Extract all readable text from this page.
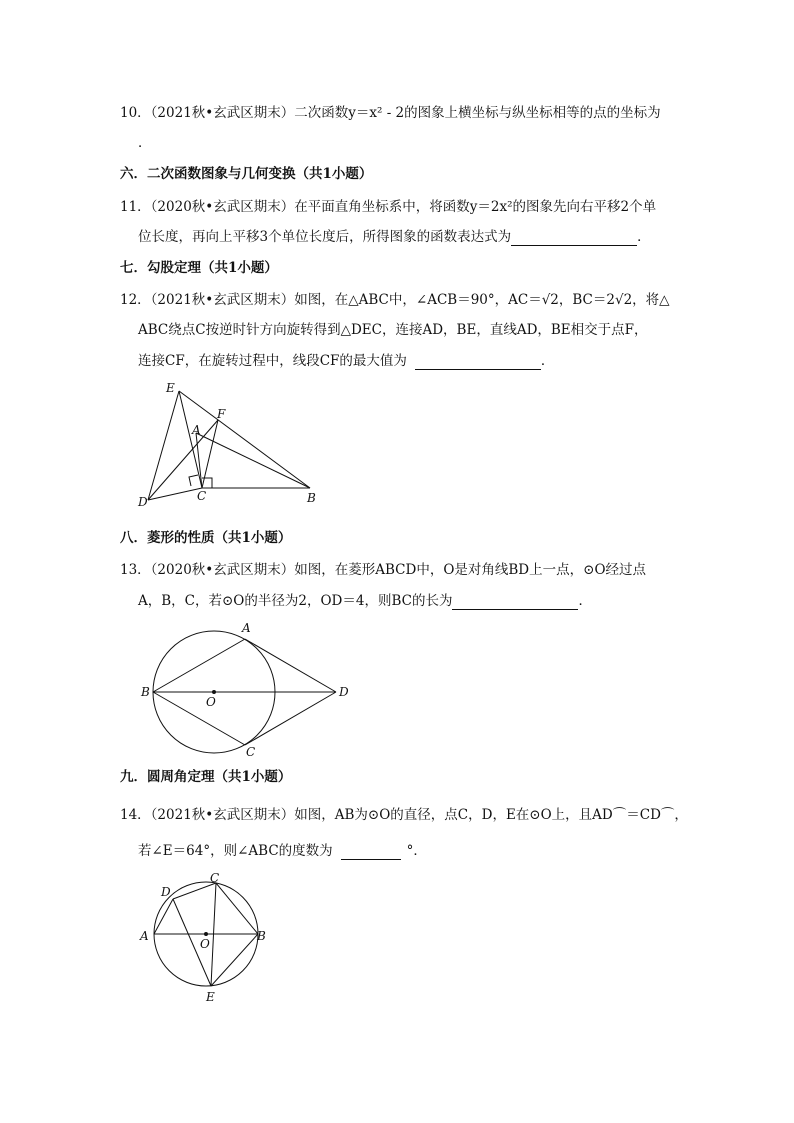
10．（2021秋•玄武区期末）二次函数y＝x² - 2的图象上横坐标与纵坐标相等的点的坐标为
．
六．二次函数图象与几何变换（共1小题）
11．（2020秋•玄武区期末）在平面直角坐标系中，将函数y＝2x²的图象先向右平移2个单
位长度，再向上平移3个单位长度后，所得图象的函数表达式为	．
七．勾股定理（共1小题）
12．（2021秋•玄武区期末）如图，在△ABC中，∠ACB＝90°，AC＝√2，BC＝2√2，将△
ABC绕点C按逆时针方向旋转得到△DEC，连接AD，BE，直线AD，BE相交于点F，
连接CF，在旋转过程中，线段CF的最大值为	．
E
F
A
D	C	B
八．菱形的性质（共1小题）
13．（2020秋•玄武区期末）如图，在菱形ABCD中，O是对角线BD上一点，⊙O经过点
A，B，C，若⊙O的半径为2，OD＝4，则BC的长为	．
A
B
O
D
C
九．圆周角定理（共1小题）
14．（2021秋•玄武区期末）如图，AB为⊙O的直径，点C，D，E在⊙O上，且AD⌒＝CD⌒，
若∠E＝64°，则∠ABC的度数为	°．
D
C
A
O
B
E
